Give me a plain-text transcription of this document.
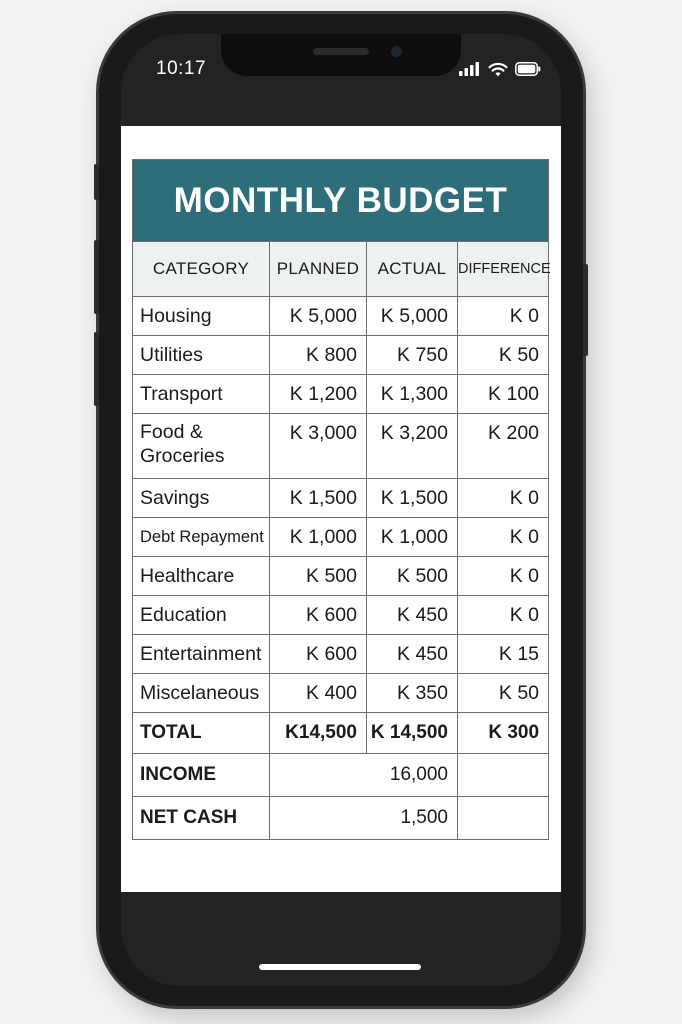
10:17
MONTHLY BUDGET			
CATEGORY	PLANNED	ACTUAL	DIFFERENCE
Housing	K 5,000	K 5,000	K 0
Utilities	K 800	K 750	K 50
Transport	K 1,200	K 1,300	K 100

Food &
Groceries	K 3,000	K 3,200	K 200
Savings	K 1,500	K 1,500	K 0
Debt Repayment	K 1,000	K 1,000	K 0
Healthcare	K 500	K 500	K 0
Education	K 600	K 450	K 0
Entertainment	K 600	K 450	K 15
Miscelaneous	K 400	K 350	K 50
TOTAL	K14,500	K 14,500	K 300
INCOME	16,000		
NET CASH	1,500		
